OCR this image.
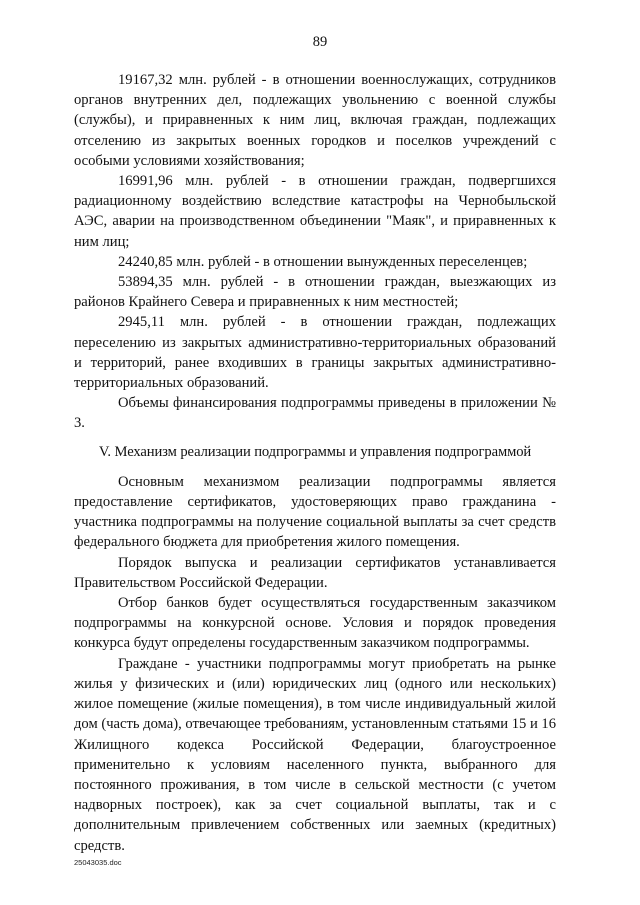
89

19167,32 млн. рублей - в отношении военнослужащих, сотрудников органов внутренних дел, подлежащих увольнению с военной службы (службы), и приравненных к ним лиц, включая граждан, подлежащих отселению из закрытых военных городков и поселков учреждений с особыми условиями хозяйствования;

16991,96 млн. рублей - в отношении граждан, подвергшихся радиационному воздействию вследствие катастрофы на Чернобыльской АЭС, аварии на производственном объединении "Маяк", и приравненных к ним лиц;

24240,85 млн. рублей - в отношении вынужденных переселенцев;

53894,35 млн. рублей - в отношении граждан, выезжающих из районов Крайнего Севера и приравненных к ним местностей;

2945,11 млн. рублей - в отношении граждан, подлежащих переселению из закрытых административно-территориальных образований и территорий, ранее входивших в границы закрытых административно-территориальных образований.

Объемы финансирования подпрограммы приведены в приложении № 3.

V. Механизм реализации подпрограммы и управления подпрограммой

Основным механизмом реализации подпрограммы является предоставление сертификатов, удостоверяющих право гражданина - участника подпрограммы на получение социальной выплаты за счет средств федерального бюджета для приобретения жилого помещения.

Порядок выпуска и реализации сертификатов устанавливается Правительством Российской Федерации.

Отбор банков будет осуществляться государственным заказчиком подпрограммы на конкурсной основе. Условия и порядок проведения конкурса будут определены государственным заказчиком подпрограммы.

Граждане - участники подпрограммы могут приобретать на рынке жилья у физических и (или) юридических лиц (одного или нескольких) жилое помещение (жилые помещения), в том числе индивидуальный жилой дом (часть дома), отвечающее требованиям, установленным статьями 15 и 16 Жилищного кодекса Российской Федерации, благоустроенное применительно к условиям населенного пункта, выбранного для постоянного проживания, в том числе в сельской местности (с учетом надворных построек), как за счет социальной выплаты, так и с дополнительным привлечением собственных или заемных (кредитных) средств.

25043035.doc
